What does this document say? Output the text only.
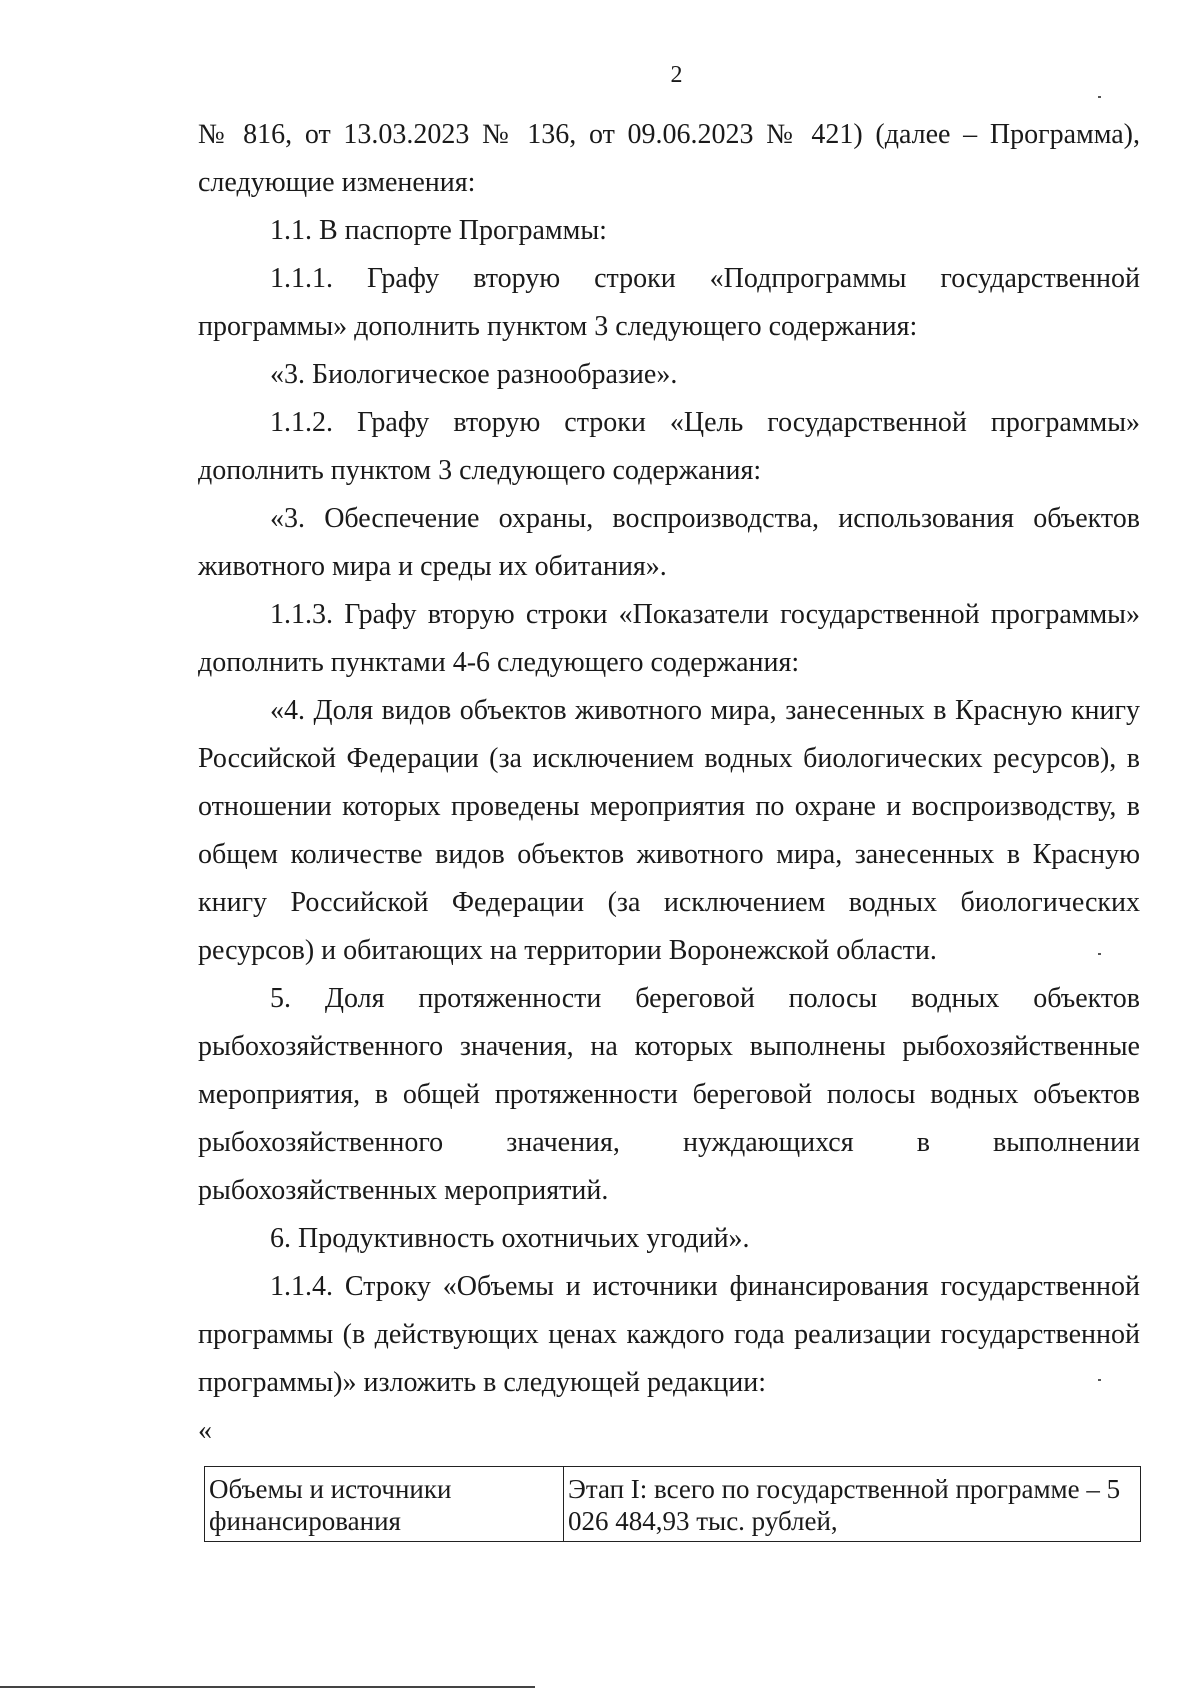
2

№ 816, от 13.03.2023 № 136, от 09.06.2023 № 421) (далее – Программа), следующие изменения:

1.1. В паспорте Программы:

1.1.1. Графу вторую строки «Подпрограммы государственной программы» дополнить пунктом 3 следующего содержания:

«3. Биологическое разнообразие».

1.1.2. Графу вторую строки «Цель государственной программы» дополнить пунктом 3 следующего содержания:

«3. Обеспечение охраны, воспроизводства, использования объектов животного мира и среды их обитания».

1.1.3. Графу вторую строки «Показатели государственной программы» дополнить пунктами 4-6 следующего содержания:

«4. Доля видов объектов животного мира, занесенных в Красную книгу Российской Федерации (за исключением водных биологических ресурсов), в отношении которых проведены мероприятия по охране и воспроизводству, в общем количестве видов объектов животного мира, занесенных в Красную книгу Российской Федерации (за исключением водных биологических ресурсов) и обитающих на территории Воронежской области.

5. Доля протяженности береговой полосы водных объектов рыбохозяйственного значения, на которых выполнены рыбохозяйственные мероприятия, в общей протяженности береговой полосы водных объектов рыбохозяйственного значения, нуждающихся в выполнении рыбохозяйственных мероприятий.

6. Продуктивность охотничьих угодий».

1.1.4. Строку «Объемы и источники финансирования государственной программы (в действующих ценах каждого года реализации государственной программы)» изложить в следующей редакции:

«

Объемы и источники финансирования	Этап I: всего по государственной программе – 5 026 484,93 тыс. рублей,
